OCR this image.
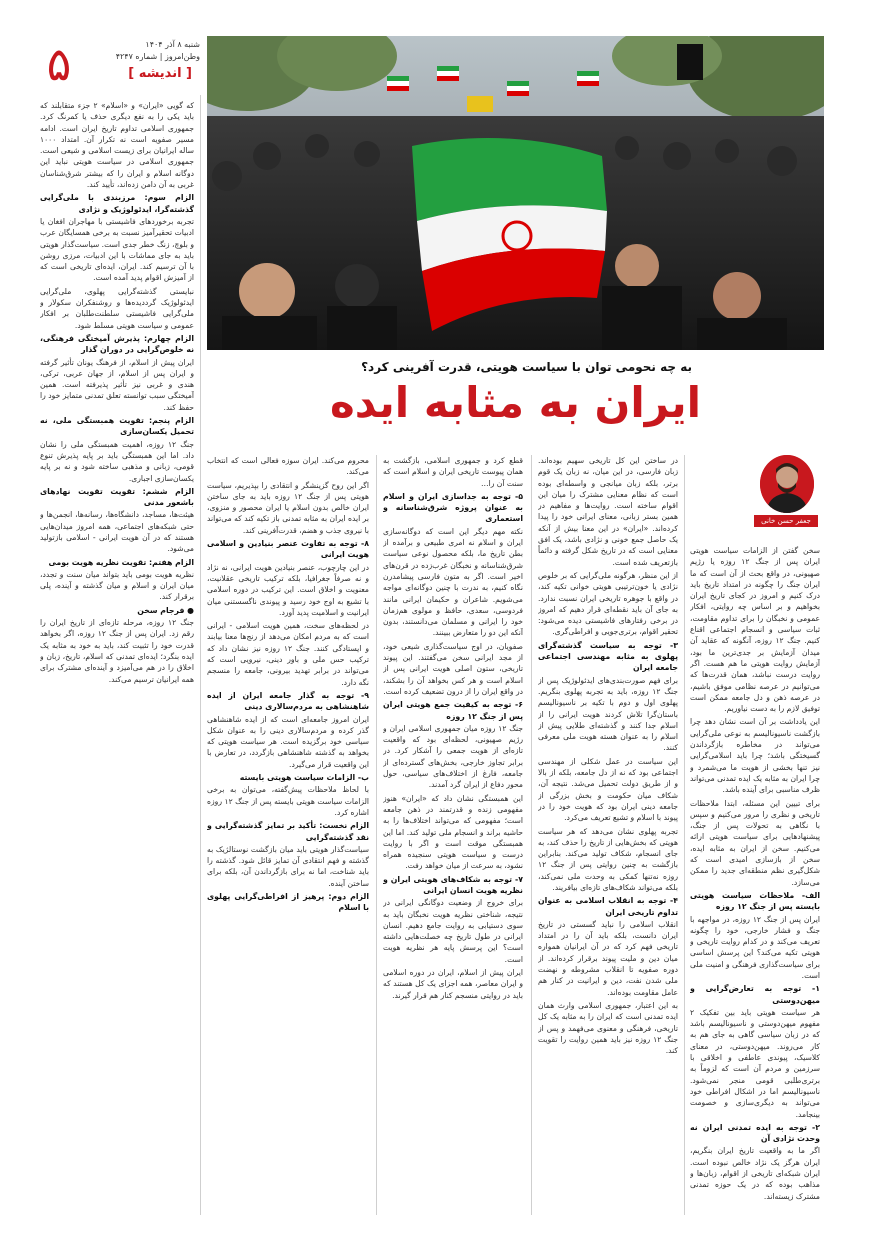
۵	شنبه ۸ آذر ۱۴۰۴
وطن‌امروز | شماره ۴۲۴۷
[ اندیشه ]
به چه نحومی توان با سیاست هویتی، قدرت آفرینی کرد؟
ایران به مثابه ایده
جعفر حسن خانی

سخن گفتن از الزامات سیاست هویتی ایران پس از جنگ ۱۲ روزه یا رژیم صهیونی، در واقع بحث از آن است که ما ایران جنگ را چگونه در امتداد تاریخ باید درک کنیم و امروز در کجای تاریخ ایران بخواهیم و بر اساس چه روایتی، افکار عمومی و نخبگان را برای تداوم مقاومت، ثبات سیاسی و انسجام اجتماعی اقناع کنیم. جنگ ۱۲ روزه، آنگونه که عقاید آن میدان آزمایش بر جدی‌ترین ما بود، آزمایش روایت هویتی ما هم هست. اگر روایت درست نباشد، همان قدرت‌ها که می‌توانیم در عرصه نظامی موفق باشیم، در عرصه ذهن و دل جامعه ممکن است توفیق لازم را به دست نیاوریم.

این یادداشت بر آن است نشان دهد چرا بازگشت ناسیونالیسم به نوعی ملی‌گرایی می‌تواند در مخاطره بازگرداندن گسیختگی باشد؛ چرا باید اسلامی‌گرایی نیز تنها بخشی از هویت ما می‌شمرد و چرا ایران به مثابه یک ایده تمدنی می‌تواند ظرف مناسبی برای آینده باشد.

برای تبیین این مسئله، ابتدا ملاحظات تاریخی و نظری را مرور می‌کنیم و سپس با نگاهی به تحولات پس از جنگ، پیشنهادهایی برای سیاست هویتی ارائه می‌کنیم. سخن از ایران به مثابه ایده، سخن از بازسازی امیدی است که شکل‌گیری نظم منطقه‌ای جدید را ممکن می‌سازد.

الف- ملاحظات سیاست هویتی بایسته پس از جنگ ۱۲ روزه

ایران پس از جنگ ۱۲ روزه، در مواجهه با جنگ و فشار خارجی، خود را چگونه تعریف می‌کند و در کدام روایت تاریخی و هویتی تکیه می‌کند؟ این پرسش اساسی برای سیاست‌گذاری فرهنگی و امنیت ملی است.

۱- توجه به تعارض‌گرایی و میهن‌دوستی

هر سیاست هویتی باید بین تفکیک ۲ مفهوم میهن‌دوستی و ناسیونالیسم باشد که در زبان سیاسی گاهی به جای هم به کار می‌روند. میهن‌دوستی، در معنای کلاسیک، پیوندی عاطفی و اخلاقی با سرزمین و مردم آن است که لزوماً به برتری‌طلبی قومی منجر نمی‌شود. ناسیونالیسم اما در اشکال افراطی خود می‌تواند به دیگری‌سازی و خصومت بینجامد.

۲- توجه به ایده تمدنی ایران نه وحدت نژادی آن

اگر ما به واقعیت تاریخ ایران بنگریم، ایران هرگز یک نژاد خالص نبوده است. ایران شبکه‌ای تاریخی از اقوام، زبان‌ها و مذاهب بوده که در یک حوزه تمدنی مشترک زیسته‌اند.

در ساختن این کل تاریخی سهیم بوده‌اند. زبان فارسی، در این میان، نه زبان یک قوم برتر، بلکه زبان میانجی و واسطه‌ای بوده است که نظام معنایی مشترک را میان این اقوام ساخته است. روایت‌ها و مفاهیم در همین بستر زبانی، معنای ایرانی خود را پیدا کرده‌اند. «ایران» در این معنا بیش از آنکه یک حاصل جمع خونی و نژادی باشد، یک افق معنایی است که در تاریخ شکل گرفته و دائماً بازتعریف شده است.

از این منظر، هرگونه ملی‌گرایی که بر خلوص نژادی یا خون‌ترتیبی هویتی خوانی تکیه کند، در واقع با جوهره تاریخی ایران نسبت ندارد. به جای آن باید نقطه‌ای قرار دهیم که امروز در برخی رفتارهای فاشیستی دیده می‌شود: تحقیر اقوام، برتری‌جویی و افراطی‌گری.

۳- توجه به سیاست گذشته‌گرای پهلوی به مثابه مهندسی اجتماعی جامعه ایران

برای فهم صورت‌بندی‌های ایدئولوژیک پس از جنگ ۱۲ روزه، باید به تجربه پهلوی بنگریم. پهلوی اول و دوم با تکیه بر ناسیونالیسم باستان‌گرا تلاش کردند هویت ایرانی را از اسلام جدا کنند و گذشته‌ای طلایی پیش از اسلام را به عنوان هسته هویت ملی معرفی کنند.

این سیاست در عمل شکلی از مهندسی اجتماعی بود که نه از دل جامعه، بلکه از بالا و از طریق دولت تحمیل می‌شد. نتیجه آن، شکاف میان حکومت و بخش بزرگی از جامعه دینی ایران بود که هویت خود را در پیوند با اسلام و تشیع تعریف می‌کرد.

تجربه پهلوی نشان می‌دهد که هر سیاست هویتی که بخش‌هایی از تاریخ را حذف کند، به جای انسجام، شکاف تولید می‌کند. بنابراین بازگشت به چنین روایتی پس از جنگ ۱۲ روزه نه‌تنها کمکی به وحدت ملی نمی‌کند، بلکه می‌تواند شکاف‌های تازه‌ای بیافریند.

۴- توجه به انقلاب اسلامی به عنوان تداوم تاریخی ایران

انقلاب اسلامی را نباید گسستی در تاریخ ایران دانست، بلکه باید آن را در امتداد تاریخی فهم کرد که در آن ایرانیان همواره میان دین و ملیت پیوند برقرار کرده‌اند. از دوره صفویه تا انقلاب مشروطه و نهضت ملی شدن نفت، دین و ایرانیت در کنار هم عامل مقاومت بوده‌اند.

به این اعتبار، جمهوری اسلامی وارث همان ایده تمدنی است که ایران را به مثابه یک کل تاریخی، فرهنگی و معنوی می‌فهمد و پس از جنگ ۱۲ روزه نیز باید همین روایت را تقویت کند.

قطع کرد و جمهوری اسلامی، بازگشت به همان پیوست تاریخی ایران و اسلام است که سنت آن را…

۵- توجه به جداسازی ایران و اسلام به عنوان پروژه شرق‌شناسانه و استعماری

نکته مهم دیگر این است که دوگانه‌سازی ایران و اسلام نه امری طبیعی و برآمده از بطن تاریخ ما، بلکه محصول نوعی سیاست شرق‌شناسانه و نخبگان غرب‌زده در قرن‌های اخیر است. اگر به متون فارسی پیشامدرن نگاه کنیم، به ندرت با چنین دوگانه‌ای مواجه می‌شویم. شاعران و حکیمان ایرانی مانند فردوسی، سعدی، حافظ و مولوی هم‌زمان خود را ایرانی و مسلمان می‌دانستند، بدون آنکه این دو را متعارض ببینند.

صفویان، در اوج سیاست‌گذاری شیعی خود، از مجد ایرانی سخن می‌گفتند. این پیوند تاریخی، ستون اصلی هویت ایرانی پس از اسلام است و هر کس بخواهد آن را بشکند، در واقع ایران را از درون تضعیف کرده است.

۶- توجه به کیفیت جمع هویتی ایران پس از جنگ ۱۲ روزه

جنگ ۱۲ روزه میان جمهوری اسلامی ایران و رژیم صهیونی، لحظه‌ای بود که واقعیت تازه‌ای از هویت جمعی را آشکار کرد. در برابر تجاوز خارجی، بخش‌های گسترده‌ای از جامعه، فارغ از اختلاف‌های سیاسی، حول محور دفاع از ایران گرد آمدند.

این همبستگی نشان داد که «ایران» هنوز مفهومی زنده و قدرتمند در ذهن جامعه است؛ مفهومی که می‌تواند اختلاف‌ها را به حاشیه براند و انسجام ملی تولید کند. اما این همبستگی موقت است و اگر با روایت درست و سیاست هویتی سنجیده همراه نشود، به سرعت از میان خواهد رفت.

۷- توجه به شکاف‌های هویتی ایران و نظریه هویت انسان ایرانی

برای خروج از وضعیت دوگانگی ایرانی در نتیجه، شناختی نظریه هویت نخبگان باید به سوی دستیابی به روایت جامع دهیم. انسان ایرانی در طول تاریخ چه خصلت‌هایی داشته است؟ این پرسش پایه هر نظریه هویت است.

ایران پیش از اسلام، ایران در دوره اسلامی و ایران معاصر، همه اجزای یک کل هستند که باید در روایتی منسجم کنار هم قرار گیرند.

محروم می‌کند. ایران سوزه فعالی است که انتخاب می‌کند.

اگر این روح گزینشگر و انتقادی را بپذیریم، سیاست هویتی پس از جنگ ۱۲ روزه باید به جای ساختن ایران خالص بدون اسلام یا ایران محصور و منزوی، بر ایده ایران به مثابه تمدنی باز تکیه کند که می‌تواند با نیروی جذب و هضم، قدرت‌آفرینی کند.

۸- توجه به تفاوت عنصر بنیادین و اسلامی هویت ایرانی

در این چارچوب، عنصر بنیادین هویت ایرانی، نه نژاد و نه صرفاً جغرافیا، بلکه ترکیب تاریخی عقلانیت، معنویت و اخلاق است. این ترکیب در دوره اسلامی با تشیع به اوج خود رسید و پیوندی ناگسستنی میان ایرانیت و اسلامیت پدید آورد.

در لحظه‌های سخت، همین هویت اسلامی - ایرانی است که به مردم امکان می‌دهد از رنج‌ها معنا بیابند و ایستادگی کنند. جنگ ۱۲ روزه نیز نشان داد که ترکیب حس ملی و باور دینی، نیرویی است که می‌تواند در برابر تهدید بیرونی، جامعه را منسجم نگه دارد.

۹- توجه به گذار جامعه ایران از ایده شاهنشاهی به مردم‌سالاری دینی

ایران امروز جامعه‌ای است که از ایده شاهنشاهی گذر کرده و مردم‌سالاری دینی را به عنوان شکل سیاسی خود برگزیده است. هر سیاست هویتی که بخواهد به گذشته شاهنشاهی بازگردد، در تعارض با این واقعیت قرار می‌گیرد.

ب- الزامات سیاست هویتی بایسته

با لحاظ ملاحظات پیش‌گفته، می‌توان به برخی الزامات سیاست هویتی بایسته پس از جنگ ۱۲ روزه اشاره کرد.

الزام نخست: تأکید بر تمایز گذشته‌گرایی و نقد گذشته‌گرایی

سیاست‌گذار هویتی باید میان بازگشت نوستالژیک به گذشته و فهم انتقادی آن تمایز قائل شود. گذشته را باید شناخت، اما نه برای بازگرداندن آن، بلکه برای ساختن آینده.

الزام دوم: پرهیز از افراطی‌گرایی پهلوی با اسلام

که گویی «ایران» و «اسلام» ۲ جزء متقابلند که باید یکی را به نفع دیگری حذف یا کمرنگ کرد. جمهوری اسلامی تداوم تاریخ ایران است. ادامه مسیر صفویه است نه تکرار آن. امتداد ۱۰۰۰ ساله ایرانیان برای زیست اسلامی و شیعی است. جمهوری اسلامی در سیاست هویتی نباید این دوگانه اسلام و ایران را که بیشتر شرق‌شناسان غربی به آن دامن زده‌اند، تأیید کند.

الزام سوم: مرزبندی با ملی‌گرایی گذشته‌گرا، ایدئولوژیک و نژادی

تجربه برخوردهای فاشیستی با مهاجران افغان یا ادبیات تحقیرآمیز نسبت به برخی همسایگان عرب و بلوچ، زنگ خطر جدی است. سیاست‌گذار هویتی باید به جای مماشات با این ادبیات، مرزی روشن با آن ترسیم کند. ایران، ایده‌ای تاریخی است که از آمیزش اقوام پدید آمده است.

نبایستی گذشته‌گرایی پهلوی، ملی‌گرایی ایدئولوژیک گرد‌دیده‌ها و روشنفکران سکولار و ملی‌گرایی فاشیستی سلطنت‌طلبان بر افکار عمومی و سیاست هویتی مسلط شود.

الزام چهارم: پذیرش آمیختگی فرهنگی، نه خلوص‌گرایی در دوران گذار

ایران پیش از اسلام، از فرهنگ یونان تأثیر گرفته و ایران پس از اسلام، از جهان عربی، ترکی، هندی و غربی نیز تأثیر پذیرفته است. همین آمیختگی سبب توانسته تعلق تمدنی متمایز خود را حفظ کند.

الزام پنجم: تقویت همبستگی ملی، نه تحمیل یکسان‌سازی

جنگ ۱۲ روزه، اهمیت همبستگی ملی را نشان داد. اما این همبستگی باید بر پایه پذیرش تنوع قومی، زبانی و مذهبی ساخته شود و نه بر پایه یکسان‌سازی اجباری.

الزام ششم: تقویت تقویت نهادهای باشعور مدنی

هیئت‌ها، مساجد، دانشگاه‌ها، رسانه‌ها، انجمن‌ها و حتی شبکه‌های اجتماعی، همه امروز میدان‌هایی هستند که در آن هویت ایرانی - اسلامی بازتولید می‌شود.

الزام هفتم: تقویت نظریه هویت بومی

نظریه هویت بومی باید بتواند میان سنت و تجدد، میان ایران و اسلام و میان گذشته و آینده، پلی برقرار کند.

● فرجام سخن

جنگ ۱۲ روزه، مرحله تازه‌ای از تاریخ ایران را رقم زد. ایران پس از جنگ ۱۲ روزه، اگر بخواهد قدرت خود را تثبیت کند، باید به خود به مثابه یک ایده بنگرد؛ ایده‌ای تمدنی که اسلام، تاریخ، زبان و اخلاق را در هم می‌آمیزد و آینده‌ای مشترک برای همه ایرانیان ترسیم می‌کند.
